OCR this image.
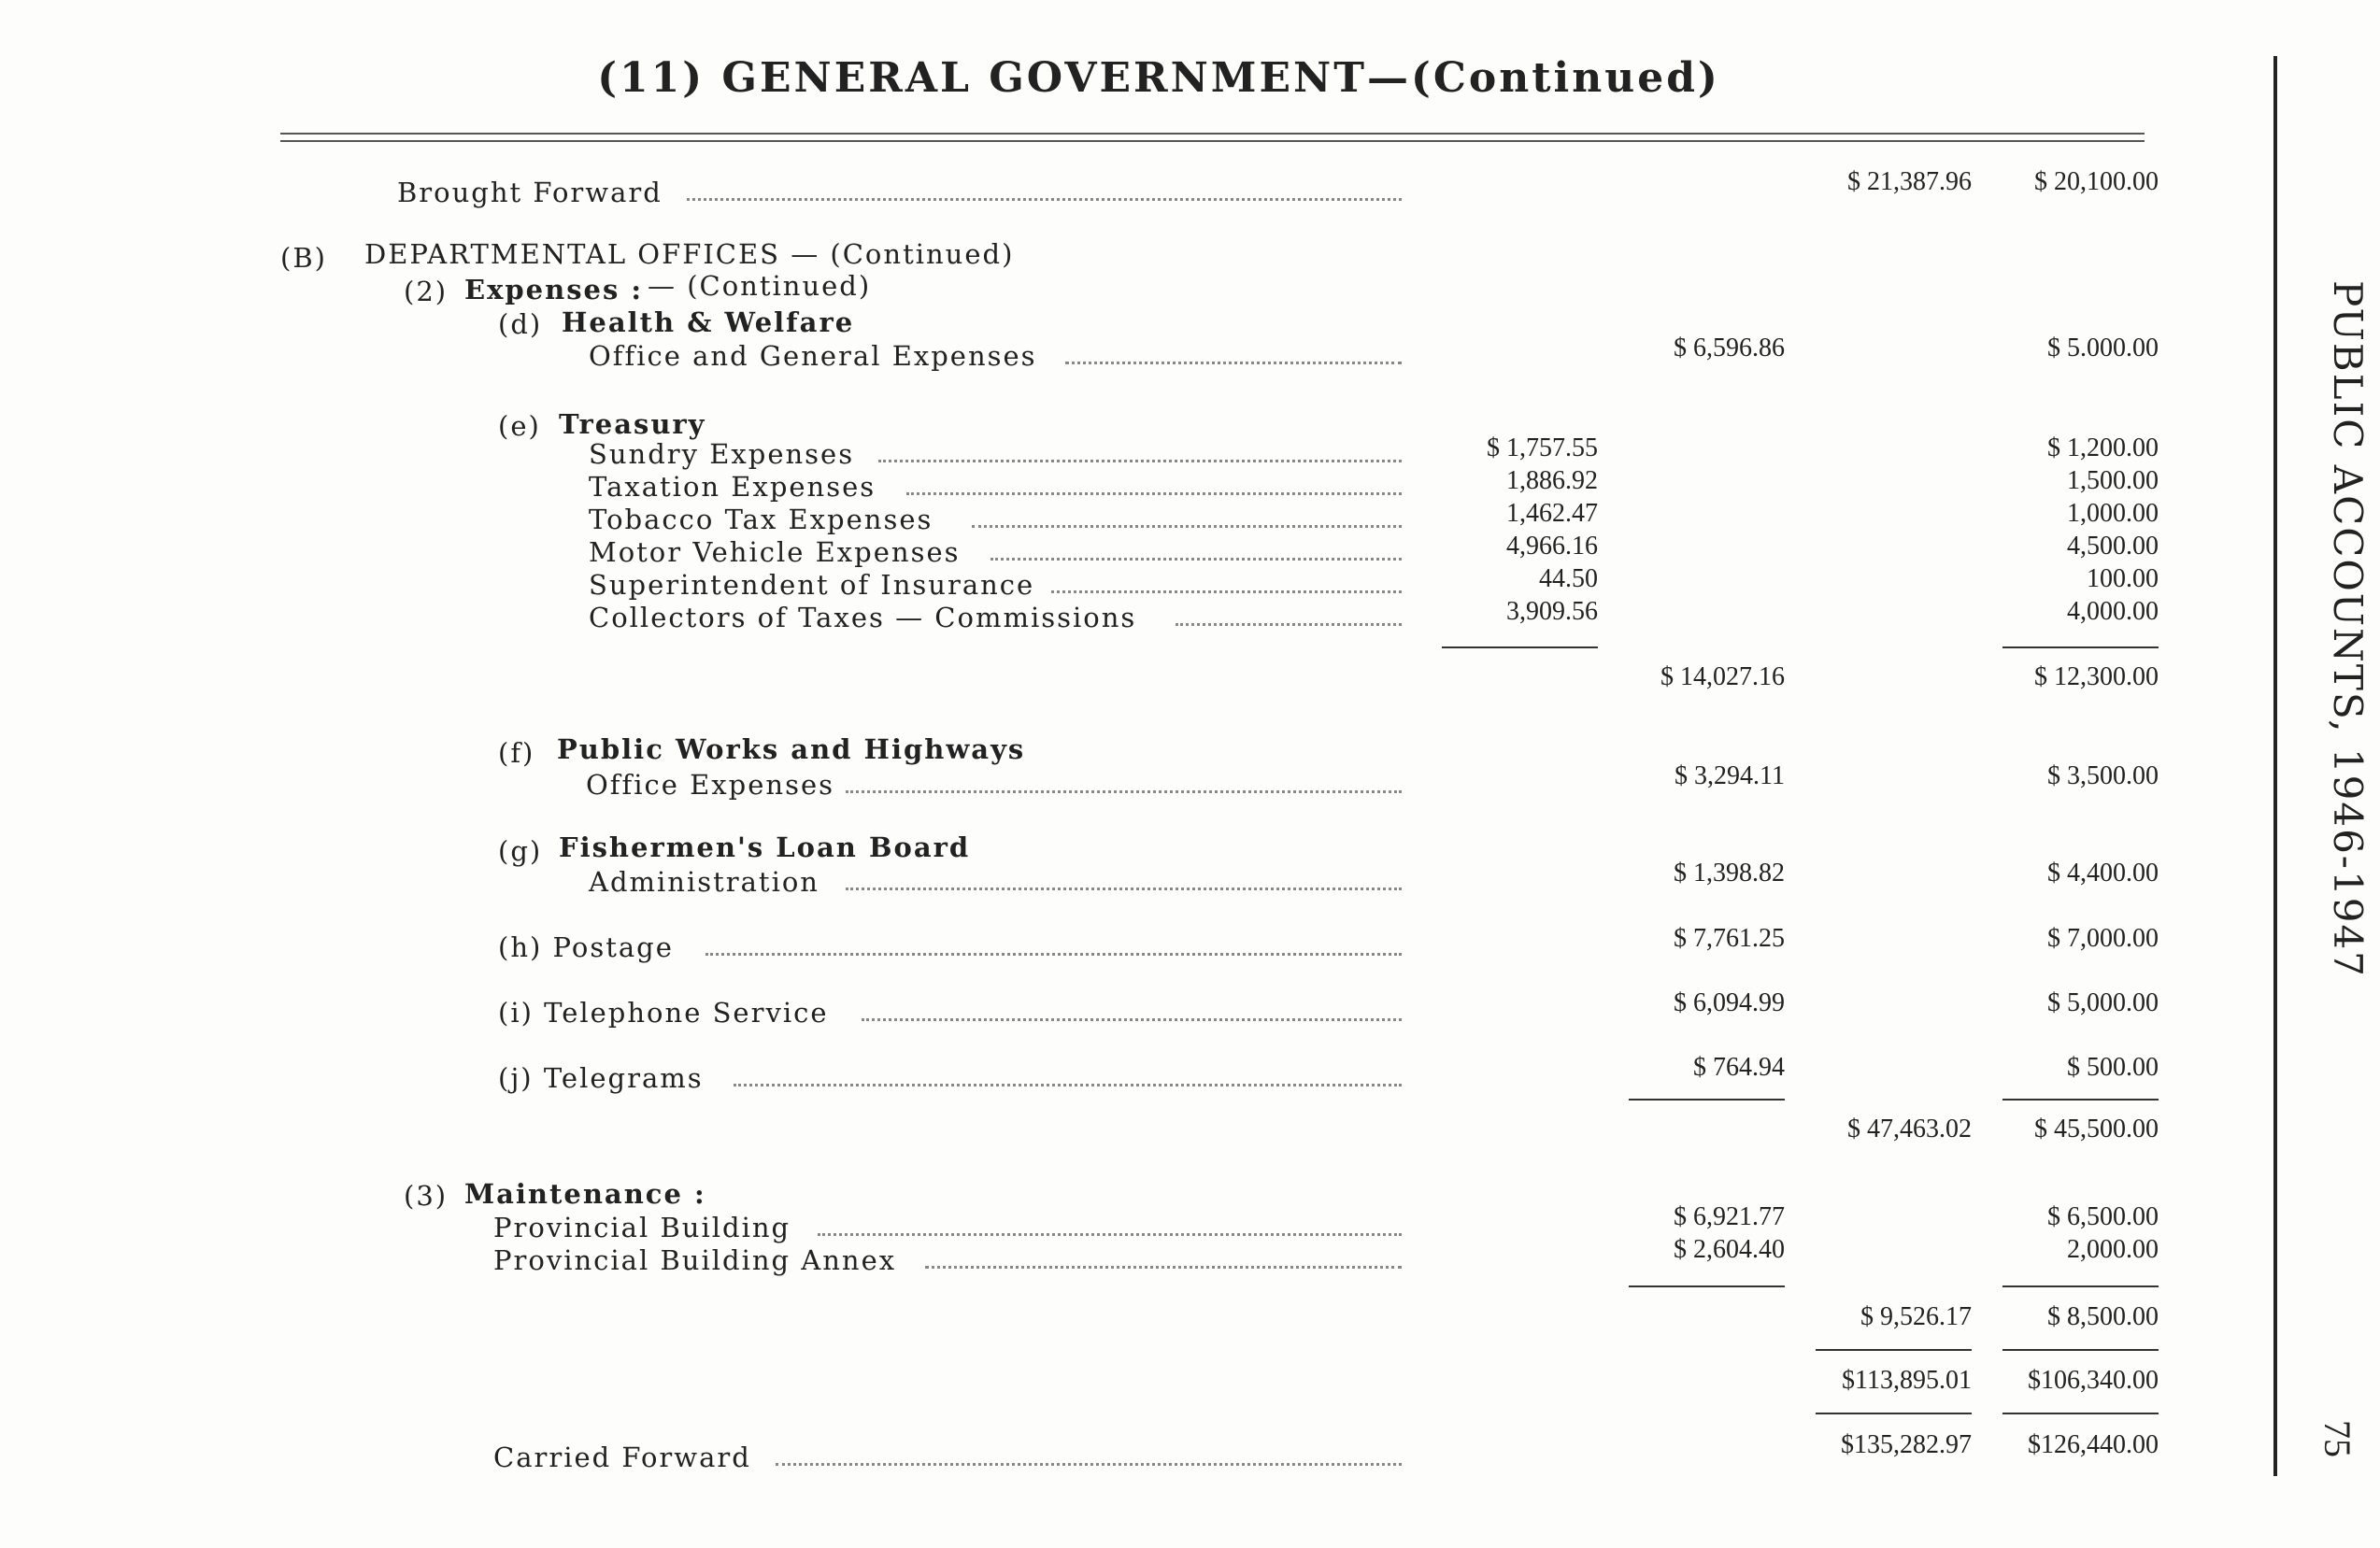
(11) GENERAL GOVERNMENT—(Continued)
PUBLIC ACCOUNTS, 1946-1947
75
Brought Forward	$ 21,387.96	$ 20,100.00
(B) DEPARTMENTAL OFFICES — (Continued)
(2) Expenses : — (Continued)
(d) Health & Welfare
Office and General Expenses	$ 6,596.86	$ 5.000.00
(e) Treasury
Sundry Expenses	$ 1,757.55	$ 1,200.00
Taxation Expenses	1,886.92	1,500.00
Tobacco Tax Expenses	1,462.47	1,000.00
Motor Vehicle Expenses	4,966.16	4,500.00
Superintendent of Insurance	44.50	100.00
Collectors of Taxes — Commissions	3,909.56	4,000.00
$ 14,027.16	$ 12,300.00
(f) Public Works and Highways
Office Expenses	$ 3,294.11	$ 3,500.00
(g) Fishermen's Loan Board
Administration	$ 1,398.82	$ 4,400.00
(h) Postage	$ 7,761.25	$ 7,000.00
(i) Telephone Service	$ 6,094.99	$ 5,000.00
(j) Telegrams	$ 764.94	$ 500.00
$ 47,463.02	$ 45,500.00
(3) Maintenance :
Provincial Building	$ 6,921.77	$ 6,500.00
Provincial Building Annex	$ 2,604.40	2,000.00
$ 9,526.17	$ 8,500.00
$113,895.01	$106,340.00
Carried Forward	$135,282.97	$126,440.00
